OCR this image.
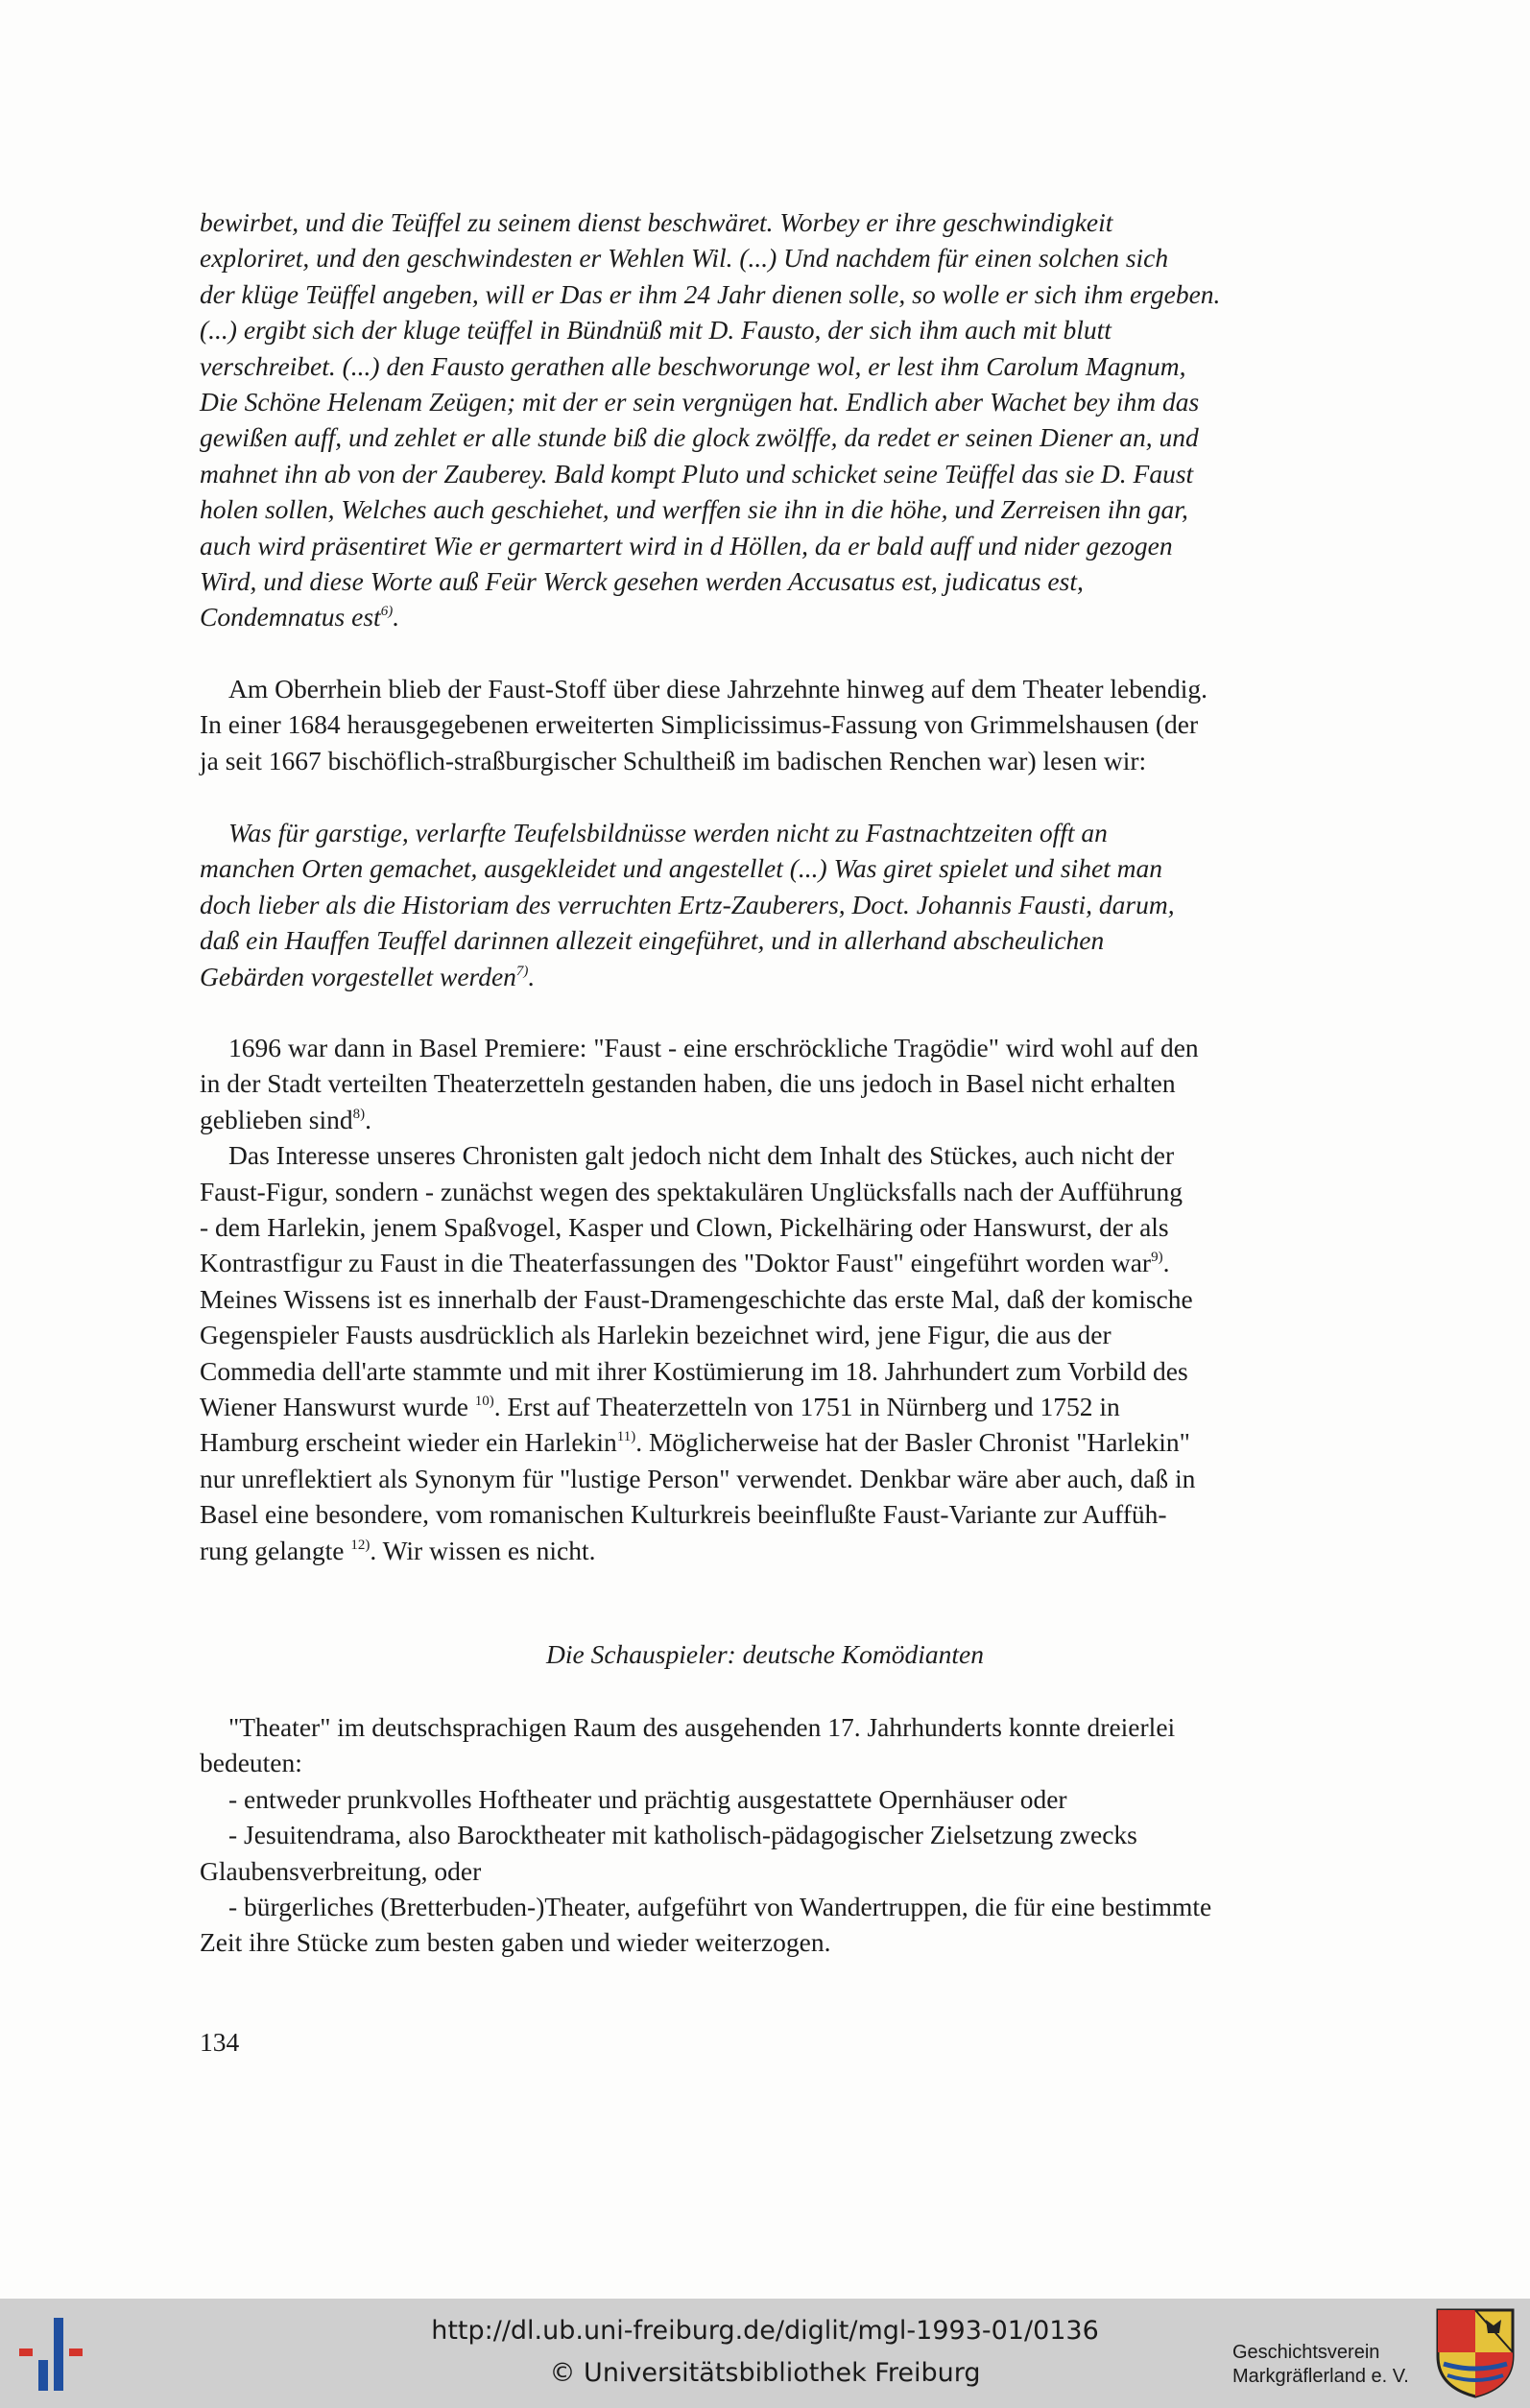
bewirbet, und die Teüffel zu seinem dienst beschwäret. Worbey er ihre geschwindigkeit

exploriret, und den geschwindesten er Wehlen Wil. (...) Und nachdem für einen solchen sich

der klüge Teüffel angeben, will er Das er ihm 24 Jahr dienen solle, so wolle er sich ihm ergeben.

(...) ergibt sich der kluge teüffel in Bündnüß mit D. Fausto, der sich ihm auch mit blutt

verschreibet. (...) den Fausto gerathen alle beschworunge wol, er lest ihm Carolum Magnum,

Die Schöne Helenam Zeügen; mit der er sein vergnügen hat. Endlich aber Wachet bey ihm das

gewißen auff, und zehlet er alle stunde biß die glock zwölffe, da redet er seinen Diener an, und

mahnet ihn ab von der Zauberey. Bald kompt Pluto und schicket seine Teüffel das sie D. Faust

holen sollen, Welches auch geschiehet, und werffen sie ihn in die höhe, und Zerreisen ihn gar,

auch wird präsentiret Wie er germartert wird in d Höllen, da er bald auff und nider gezogen

Wird, und diese Worte auß Feür Werck gesehen werden Accusatus est, judicatus est,

Condemnatus est$^{6)}$.

Am Oberrhein blieb der Faust-Stoff über diese Jahrzehnte hinweg auf dem Theater lebendig.

In einer 1684 herausgegebenen erweiterten Simplicissimus-Fassung von Grimmelshausen (der

ja seit 1667 bischöflich-straßburgischer Schultheiß im badischen Renchen war) lesen wir:

Was für garstige, verlarfte Teufelsbildnüsse werden nicht zu Fastnachtzeiten offt an

manchen Orten gemachet, ausgekleidet und angestellet (...) Was giret spielet und sihet man

doch lieber als die Historiam des verruchten Ertz-Zauberers, Doct. Johannis Fausti, darum,

daß ein Hauffen Teuffel darinnen allezeit eingeführet, und in allerhand abscheulichen

Gebärden vorgestellet werden$^{7)}$.

1696 war dann in Basel Premiere: "Faust - eine erschröckliche Tragödie" wird wohl auf den

in der Stadt verteilten Theaterzetteln gestanden haben, die uns jedoch in Basel nicht erhalten

geblieben sind$^{8)}$.

Das Interesse unseres Chronisten galt jedoch nicht dem Inhalt des Stückes, auch nicht der

Faust-Figur, sondern - zunächst wegen des spektakulären Unglücksfalls nach der Aufführung

- dem Harlekin, jenem Spaßvogel, Kasper und Clown, Pickelhäring oder Hanswurst, der als

Kontrastfigur zu Faust in die Theaterfassungen des "Doktor Faust" eingeführt worden war$^{9)}$.

Meines Wissens ist es innerhalb der Faust-Dramengeschichte das erste Mal, daß der komische

Gegenspieler Fausts ausdrücklich als Harlekin bezeichnet wird, jene Figur, die aus der

Commedia dell'arte stammte und mit ihrer Kostümierung im 18. Jahrhundert zum Vorbild des

Wiener Hanswurst wurde $^{10)}$. Erst auf Theaterzetteln von 1751 in Nürnberg und 1752 in

Hamburg erscheint wieder ein Harlekin$^{11)}$. Möglicherweise hat der Basler Chronist "Harlekin"

nur unreflektiert als Synonym für "lustige Person" verwendet. Denkbar wäre aber auch, daß in

Basel eine besondere, vom romanischen Kulturkreis beeinflußte Faust-Variante zur Auffüh-

rung gelangte $^{12)}$. Wir wissen es nicht.

Die Schauspieler: deutsche Komödianten

"Theater" im deutschsprachigen Raum des ausgehenden 17. Jahrhunderts konnte dreierlei

bedeuten:

- entweder prunkvolles Hoftheater und prächtig ausgestattete Opernhäuser oder

- Jesuitendrama, also Barocktheater mit katholisch-pädagogischer Zielsetzung zwecks

Glaubensverbreitung, oder

- bürgerliches (Bretterbuden-)Theater, aufgeführt von Wandertruppen, die für eine bestimmte

Zeit ihre Stücke zum besten gaben und wieder weiterzogen.

134
http://dl.ub.uni-freiburg.de/diglit/mgl-1993-01/0136
© Universitätsbibliothek Freiburg
Geschichtsverein
Markgräflerland e. V.
